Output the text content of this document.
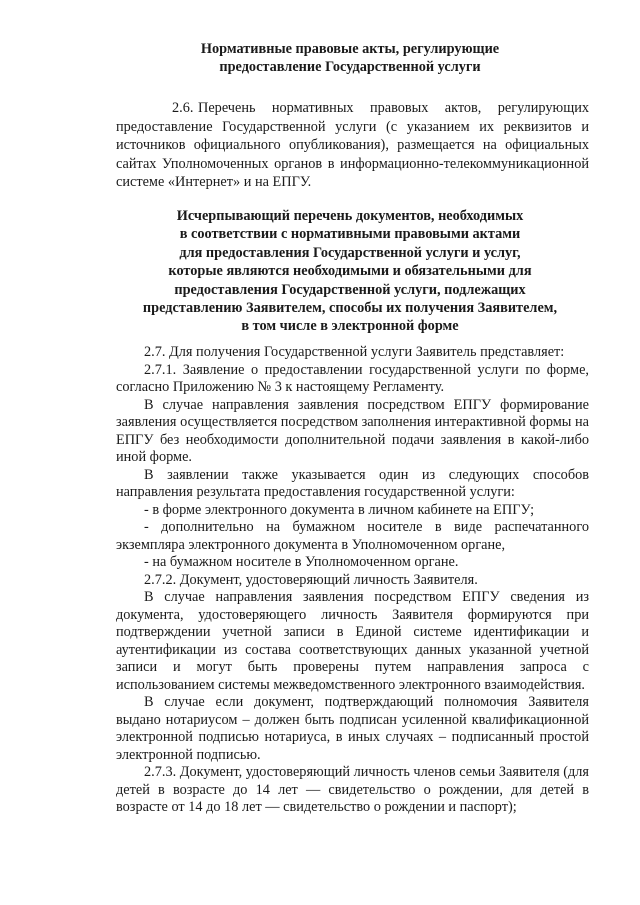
Нормативные правовые акты, регулирующие
предоставление Государственной услуги
2.6. Перечень нормативных правовых актов, регулирующих предоставление Государственной услуги (с указанием их реквизитов и источников официального опубликования), размещается на официальных сайтах Уполномоченных органов в информационно-телекоммуникационной системе «Интернет» и на ЕПГУ.
Исчерпывающий перечень документов, необходимых
в соответствии с нормативными правовыми актами
для предоставления Государственной услуги и услуг,
которые являются необходимыми и обязательными для
предоставления Государственной услуги, подлежащих
представлению Заявителем, способы их получения Заявителем,
в том числе в электронной форме

2.7. Для получения Государственной услуги Заявитель представляет:

2.7.1. Заявление о предоставлении государственной услуги по форме, согласно Приложению № 3 к настоящему Регламенту.

В случае направления заявления посредством ЕПГУ формирование заявления осуществляется посредством заполнения интерактивной формы на ЕПГУ без необходимости дополнительной подачи заявления в какой-либо иной форме.

В заявлении также указывается один из следующих способов направления результата предоставления государственной услуги:

- в форме электронного документа в личном кабинете на ЕПГУ;

- дополнительно на бумажном носителе в виде распечатанного экземпляра электронного документа в Уполномоченном органе,

- на бумажном носителе в Уполномоченном органе.

2.7.2. Документ, удостоверяющий личность Заявителя.

В случае направления заявления посредством ЕПГУ сведения из документа, удостоверяющего личность Заявителя формируются при подтверждении учетной записи в Единой системе идентификации и аутентификации из состава соответствующих данных указанной учетной записи и могут быть проверены путем направления запроса с использованием системы межведомственного электронного взаимодействия.

В случае если документ, подтверждающий полномочия Заявителя выдано нотариусом – должен быть подписан усиленной квалификационной электронной подписью нотариуса, в иных случаях – подписанный простой электронной подписью.

2.7.3. Документ, удостоверяющий личность членов семьи Заявителя (для детей в возрасте до 14 лет — свидетельство о рождении, для детей в возрасте от 14 до 18 лет — свидетельство о рождении и паспорт);
